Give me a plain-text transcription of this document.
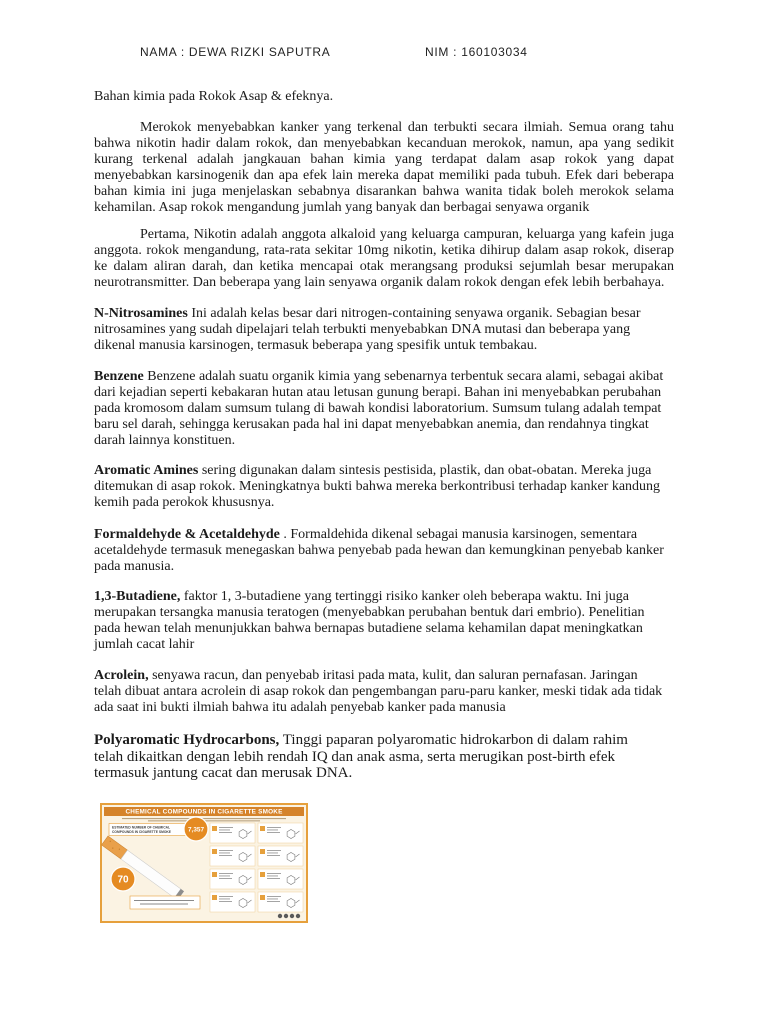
NAMA : DEWA RIZKI SAPUTRA	NIM : 160103034
Bahan kimia pada Rokok Asap & efeknya.
Merokok menyebabkan kanker yang terkenal dan terbukti secara ilmiah. Semua orang tahu
bahwa nikotin hadir dalam rokok, dan menyebabkan kecanduan merokok, namun, apa yang sedikit
kurang terkenal adalah jangkauan bahan kimia yang terdapat dalam asap rokok yang dapat
menyebabkan karsinogenik dan apa efek lain mereka dapat memiliki pada tubuh. Efek dari beberapa
bahan kimia ini juga menjelaskan sebabnya disarankan bahwa wanita tidak boleh merokok selama
kehamilan. Asap rokok mengandung jumlah yang banyak dan berbagai senyawa organik
Pertama, Nikotin adalah anggota alkaloid yang keluarga campuran, keluarga yang kafein juga
anggota. rokok mengandung, rata-rata sekitar 10mg nikotin, ketika dihirup dalam asap rokok, diserap
ke dalam aliran darah, dan ketika mencapai otak merangsang produksi sejumlah besar merupakan
neurotransmitter. Dan beberapa yang lain senyawa organik dalam rokok dengan efek lebih berbahaya.
N-Nitrosamines Ini adalah kelas besar dari nitrogen-containing senyawa organik. Sebagian besar
nitrosamines yang sudah dipelajari telah terbukti menyebabkan DNA mutasi dan beberapa yang
dikenal manusia karsinogen, termasuk beberapa yang spesifik untuk tembakau.
Benzene Benzene adalah suatu organik kimia yang sebenarnya terbentuk secara alami, sebagai akibat
dari kejadian seperti kebakaran hutan atau letusan gunung berapi. Bahan ini menyebabkan perubahan
pada kromosom dalam sumsum tulang di bawah kondisi laboratorium. Sumsum tulang adalah tempat
baru sel darah, sehingga kerusakan pada hal ini dapat menyebabkan anemia, dan rendahnya tingkat
darah lainnya konstituen.
Aromatic Amines sering digunakan dalam sintesis pestisida, plastik, dan obat-obatan. Mereka juga
ditemukan di asap rokok. Meningkatnya bukti bahwa mereka berkontribusi terhadap kanker kandung
kemih pada perokok khususnya.
Formaldehyde & Acetaldehyde . Formaldehida dikenal sebagai manusia karsinogen, sementara
acetaldehyde termasuk menegaskan bahwa penyebab pada hewan dan kemungkinan penyebab kanker
pada manusia.
1,3-Butadiene, faktor 1, 3-butadiene yang tertinggi risiko kanker oleh beberapa waktu. Ini juga
merupakan tersangka manusia teratogen (menyebabkan perubahan bentuk dari embrio). Penelitian
pada hewan telah menunjukkan bahwa bernapas butadiene selama kehamilan dapat meningkatkan
jumlah cacat lahir
Acrolein, senyawa racun, dan penyebab iritasi pada mata, kulit, dan saluran pernafasan. Jaringan
telah dibuat antara acrolein di asap rokok dan pengembangan paru-paru kanker, meski tidak ada tidak
ada saat ini bukti ilmiah bahwa itu adalah penyebab kanker pada manusia
Polyaromatic Hydrocarbons, Tinggi paparan polyaromatic hidrokarbon di dalam rahim
telah dikaitkan dengan lebih rendah IQ dan anak asma, serta merugikan post-birth efek
termasuk jantung cacat dan merusak DNA.
CHEMICAL COMPOUNDS IN CIGARETTE SMOKE
ESTIMATED NUMBER OF CHEMICAL
COMPOUNDS IN CIGARETTE SMOKE	7,357
70
